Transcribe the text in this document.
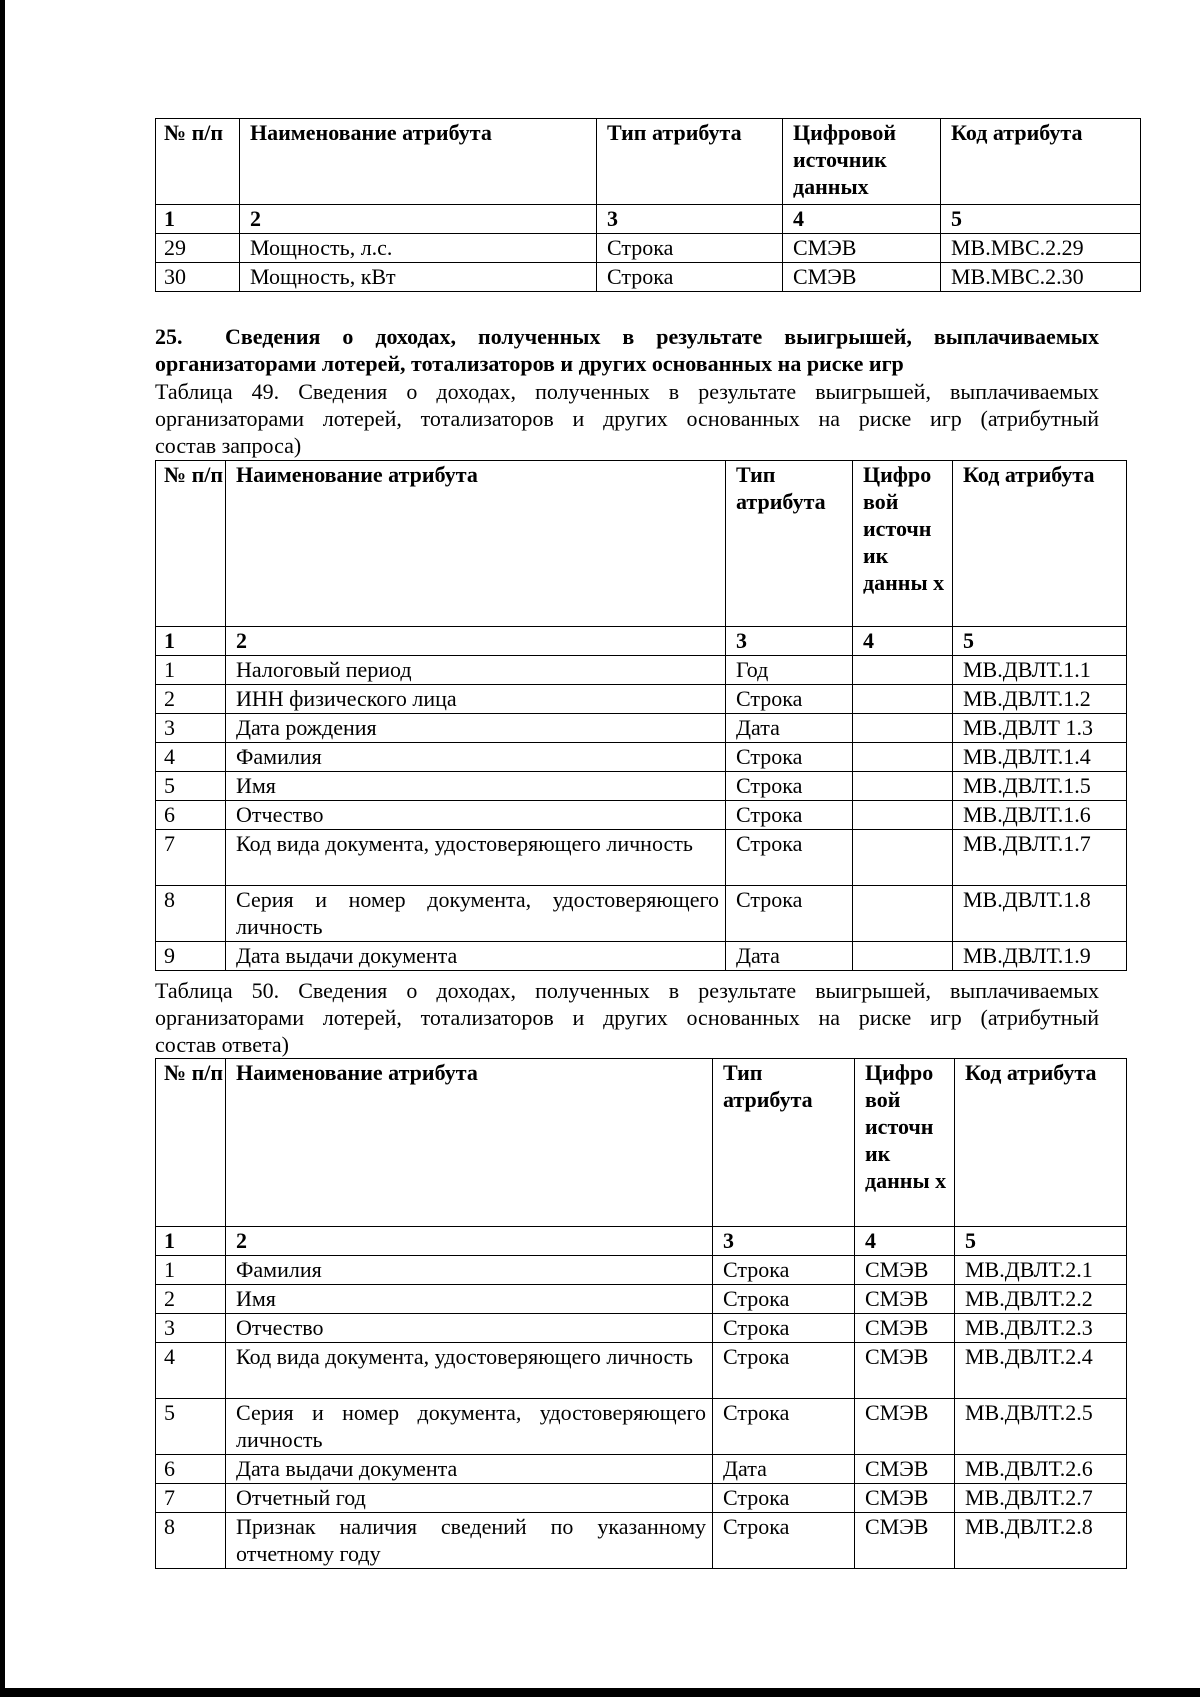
№ п/п	Наименование атрибута	Тип атрибута	Цифровой источник данных	Код атрибута
1	2	3	4	5
29	Мощность, л.с.	Строка	СМЭВ	МВ.МВС.2.29
30	Мощность, кВт	Строка	СМЭВ	МВ.МВС.2.30
25. Сведения о доходах, полученных в результате выигрышей, выплачиваемых
организаторами лотерей, тотализаторов и других основанных на риске игр
Таблица 49. Сведения о доходах, полученных в результате выигрышей, выплачиваемых
организаторами лотерей, тотализаторов и других основанных на риске игр (атрибутный
состав запроса)
№ п/п	Наименование атрибута	Тип атрибута	Цифро вой источн ик данны х	Код атрибута
1	2	3	4	5
1	Налоговый период	Год		МВ.ДВЛТ.1.1
2	ИНН физического лица	Строка		МВ.ДВЛТ.1.2
3	Дата рождения	Дата		МВ.ДВЛТ 1.3
4	Фамилия	Строка		МВ.ДВЛТ.1.4
5	Имя	Строка		МВ.ДВЛТ.1.5
6	Отчество	Строка		МВ.ДВЛТ.1.6
7	Код вида документа, удостоверяющего личность	Строка		МВ.ДВЛТ.1.7
8	Серия и номер документа, удостоверяющего личность	Строка		МВ.ДВЛТ.1.8
9	Дата выдачи документа	Дата		МВ.ДВЛТ.1.9
Таблица 50. Сведения о доходах, полученных в результате выигрышей, выплачиваемых
организаторами лотерей, тотализаторов и других основанных на риске игр (атрибутный
состав ответа)
№ п/п	Наименование атрибута	Тип атрибута	Цифро вой источн ик данны х	Код атрибута
1	2	3	4	5
1	Фамилия	Строка	СМЭВ	МВ.ДВЛТ.2.1
2	Имя	Строка	СМЭВ	МВ.ДВЛТ.2.2
3	Отчество	Строка	СМЭВ	МВ.ДВЛТ.2.3
4	Код вида документа, удостоверяющего личность	Строка	СМЭВ	МВ.ДВЛТ.2.4
5	Серия и номер документа, удостоверяющего личность	Строка	СМЭВ	МВ.ДВЛТ.2.5
6	Дата выдачи документа	Дата	СМЭВ	МВ.ДВЛТ.2.6
7	Отчетный год	Строка	СМЭВ	МВ.ДВЛТ.2.7
8	Признак наличия сведений по указанному отчетному году	Строка	СМЭВ	МВ.ДВЛТ.2.8
